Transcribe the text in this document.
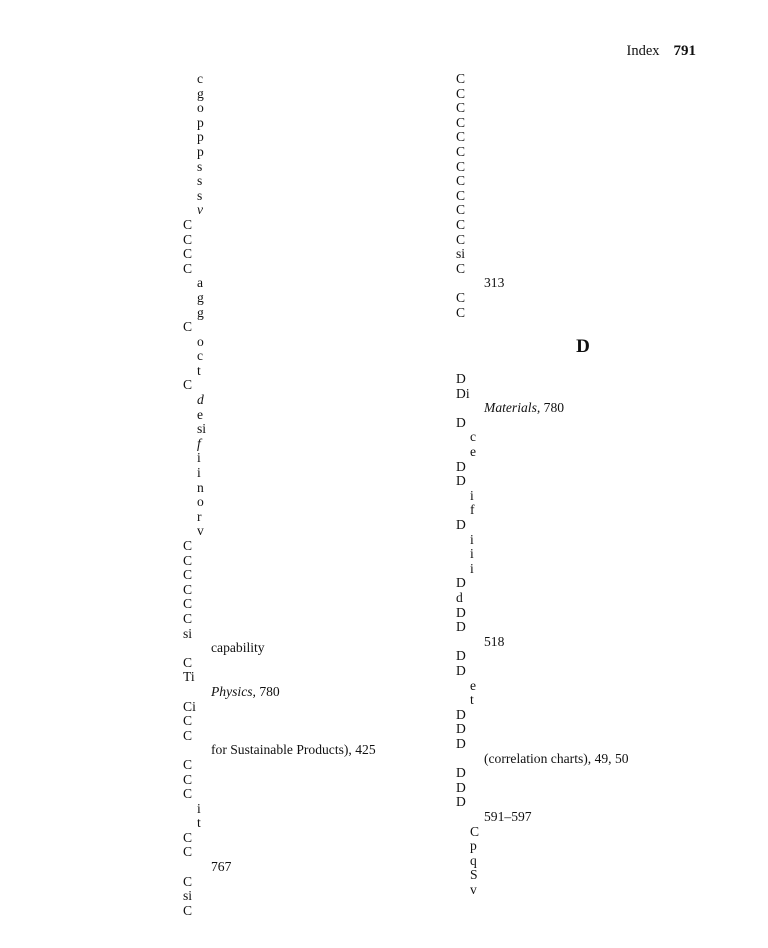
Index 791
c
g
o
p
p
p
s
s
s
v
C
C
C
C
a
g
g
C
o
c
t
C
d
e
si
f
i
i
n
o
r
v
C
C
C
C
C
C
si
capability
C
Ti
Physics, 780
Ci
C
C
for Sustainable Products), 425
C
C
C
i
t
C
C
767
C
si
C
C
C
C
C
C
C
C
C
C
C
C
C
si
C
313
C
C
D
D
Di
Materials, 780
D
c
e
D
D
i
f
D
i
i
i
D
d
D
D
518
D
D
e
t
D
D
D
(correlation charts), 49, 50
D
D
D
591–597
C
p
q
S
v
